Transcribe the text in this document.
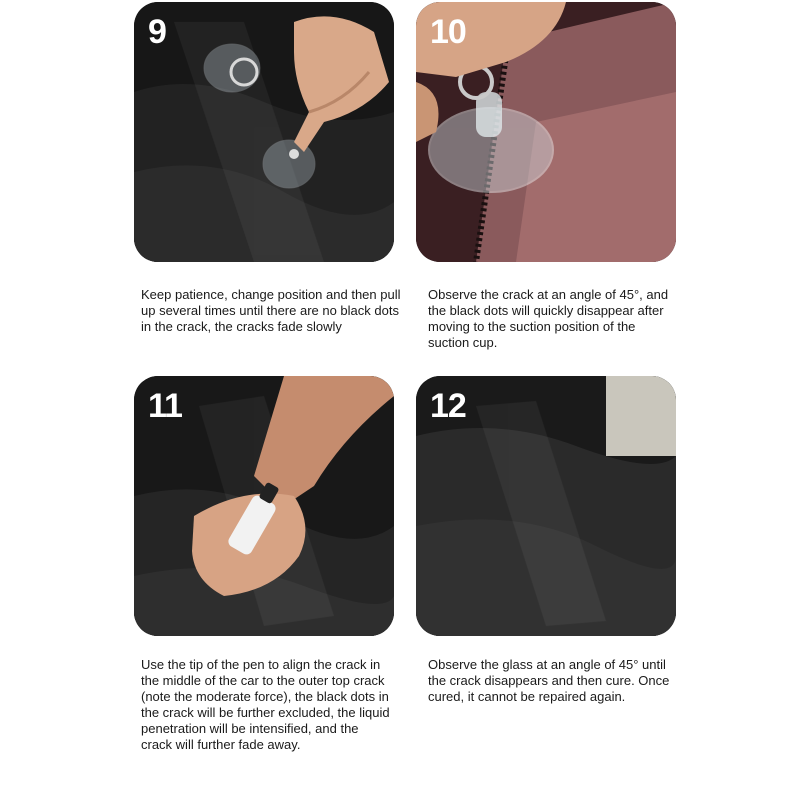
9
Keep patience, change position and then pull up several times until there are no black dots in the crack, the cracks fade slowly
10
Observe the crack at an angle of 45°, and the black dots will quickly disappear after moving to the suction position of the suction cup.
11
Use the tip of the pen to align the crack in the middle of the car to the outer top crack (note the moderate force), the black dots in the crack will be further excluded, the liquid penetration will be intensified, and the crack will further fade away.
12
Observe the glass at an angle of 45° until the crack disappears and then cure. Once cured, it cannot be repaired again.
